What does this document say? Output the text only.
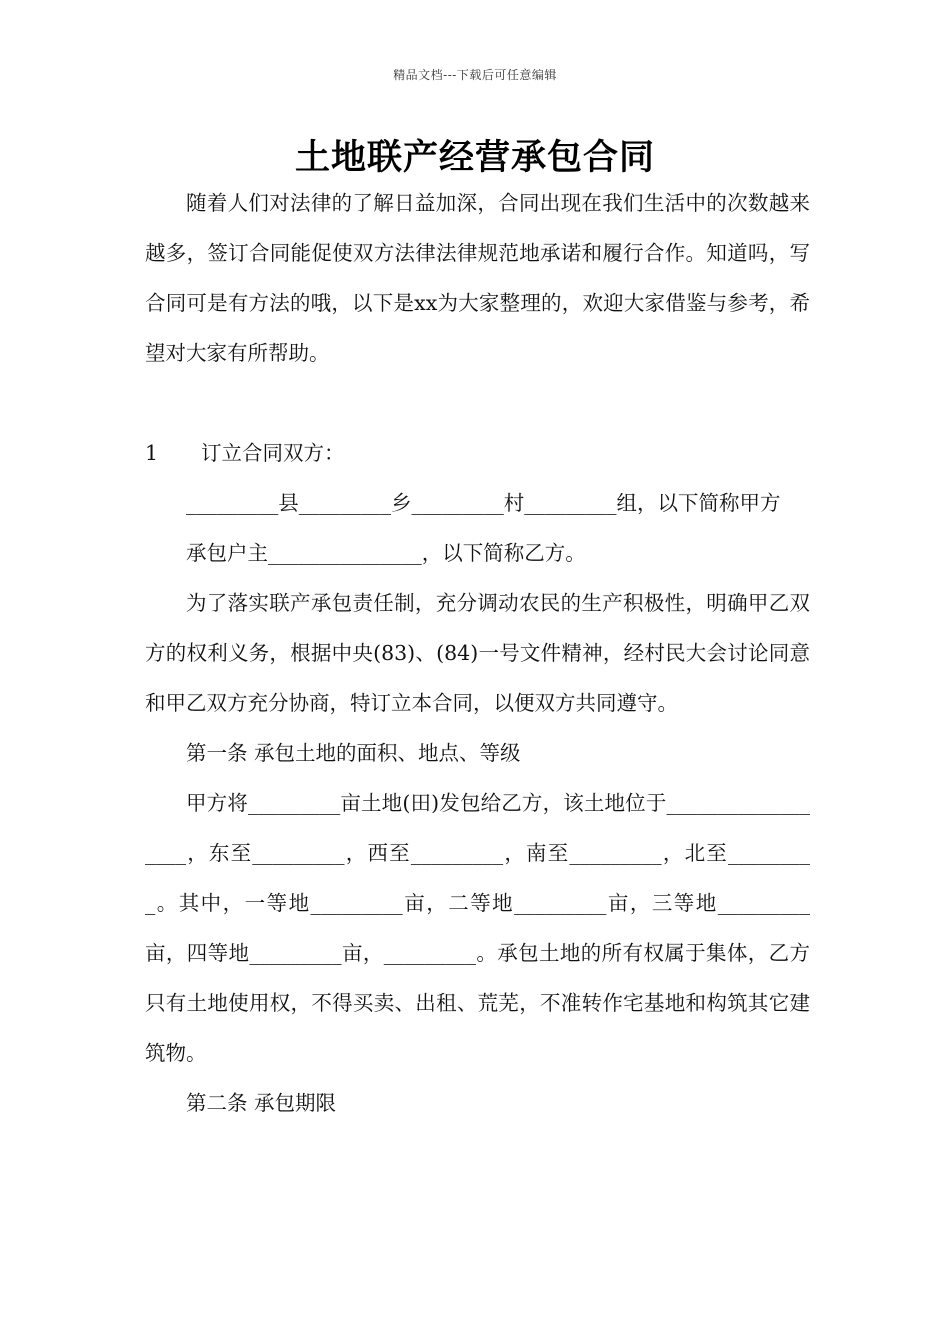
精品文档---下载后可任意编辑
土地联产经营承包合同

随着人们对法律的了解日益加深，合同出现在我们生活中的次数越来越多，签订合同能促使双方法律法律规范地承诺和履行合作。知道吗，写合同可是有方法的哦，以下是xx为大家整理的，欢迎大家借鉴与参考，希望对大家有所帮助。

1 订立合同双方：

_________县_________乡_________村_________组，以下简称甲方

承包户主_______________，以下简称乙方。

为了落实联产承包责任制，充分调动农民的生产积极性，明确甲乙双方的权利义务，根据中央(83)、(84)一号文件精神，经村民大会讨论同意和甲乙双方充分协商，特订立本合同，以便双方共同遵守。

第一条 承包土地的面积、地点、等级

甲方将_________亩土地(田)发包给乙方，该土地位于__________________，东至_________，西至_________，南至_________，北至_________。其中，一等地_________亩，二等地_________亩，三等地_________亩，四等地_________亩，_________。承包土地的所有权属于集体，乙方只有土地使用权，不得买卖、出租、荒芜，不准转作宅基地和构筑其它建筑物。

第二条 承包期限
